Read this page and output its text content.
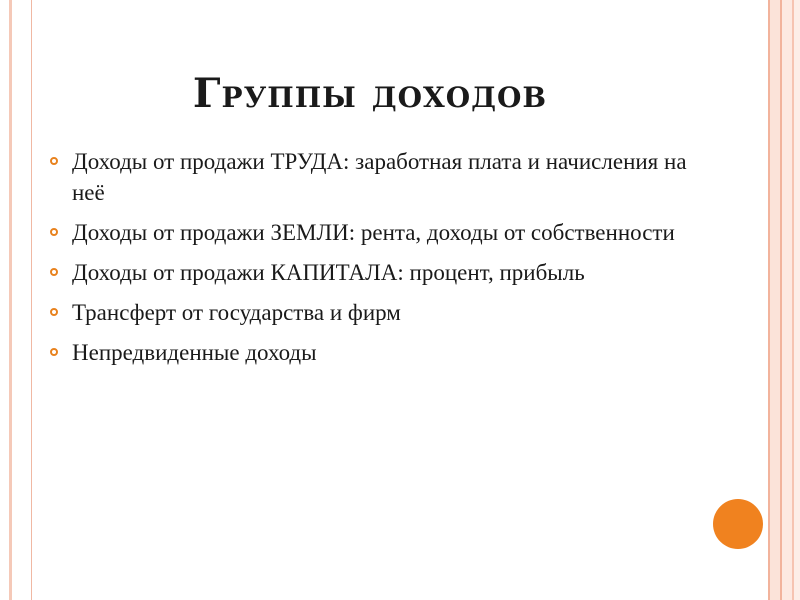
Группы доходов
Доходы от продажи ТРУДА: заработная плата и начисления на неё
Доходы от продажи ЗЕМЛИ: рента, доходы от собственности
Доходы от продажи КАПИТАЛА: процент, прибыль
Трансферт от государства и фирм
Непредвиденные доходы
